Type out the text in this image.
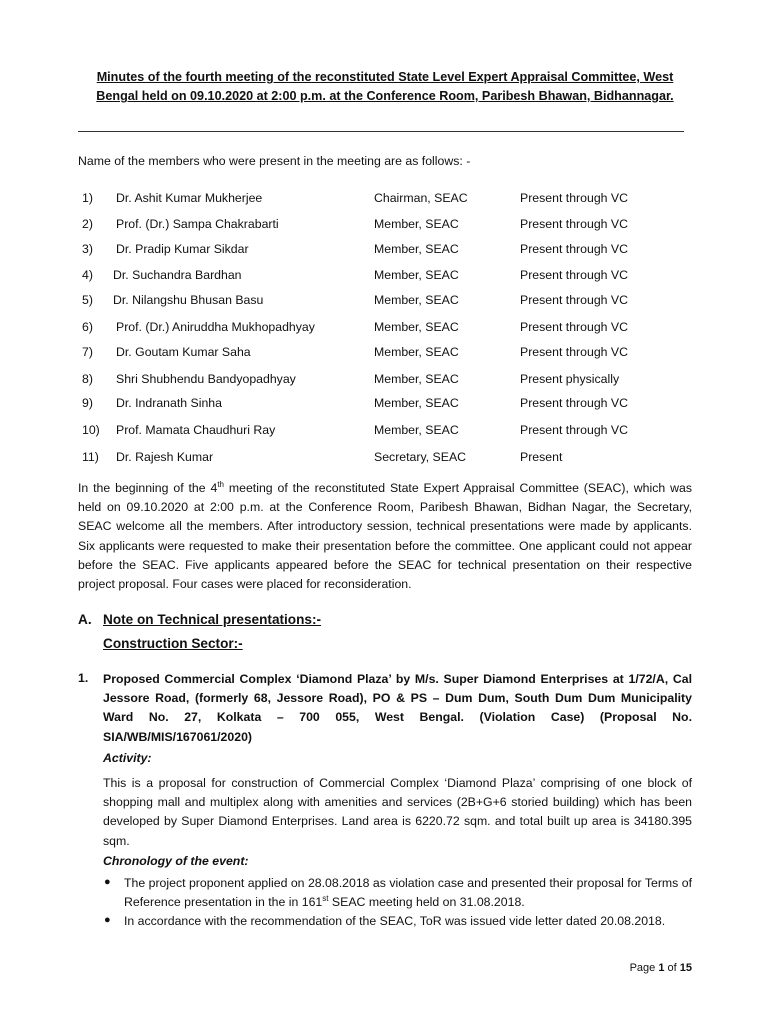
Minutes of the fourth meeting of the reconstituted State Level Expert Appraisal Committee, West Bengal held on 09.10.2020 at 2:00 p.m. at the Conference Room, Paribesh Bhawan, Bidhannagar.
Name of the members who were present in the meeting are as follows: -
1) Dr. Ashit Kumar Mukherjee	Chairman, SEAC	Present through VC
2) Prof. (Dr.) Sampa Chakrabarti	Member, SEAC	Present through VC
3) Dr. Pradip Kumar Sikdar	Member, SEAC	Present through VC
4) Dr. Suchandra Bardhan	Member, SEAC	Present through VC
5) Dr. Nilangshu Bhusan Basu	Member, SEAC	Present through VC
6) Prof. (Dr.) Aniruddha Mukhopadhyay	Member, SEAC	Present through VC
7) Dr. Goutam Kumar Saha	Member, SEAC	Present through VC
8) Shri Shubhendu Bandyopadhyay	Member, SEAC	Present physically
9) Dr. Indranath Sinha	Member, SEAC	Present through VC
10) Prof. Mamata Chaudhuri Ray	Member, SEAC	Present through VC
11) Dr. Rajesh Kumar	Secretary, SEAC	Present
In the beginning of the 4th meeting of the reconstituted State Expert Appraisal Committee (SEAC), which was held on 09.10.2020 at 2:00 p.m. at the Conference Room, Paribesh Bhawan, Bidhan Nagar, the Secretary, SEAC welcome all the members. After introductory session, technical presentations were made by applicants. Six applicants were requested to make their presentation before the committee. One applicant could not appear before the SEAC. Five applicants appeared before the SEAC for technical presentation on their respective project proposal. Four cases were placed for reconsideration.
A. Note on Technical presentations:-
Construction Sector:-
1. Proposed Commercial Complex ‘Diamond Plaza’ by M/s. Super Diamond Enterprises at 1/72/A, Cal Jessore Road, (formerly 68, Jessore Road), PO & PS – Dum Dum, South Dum Dum Municipality Ward No. 27, Kolkata – 700 055, West Bengal. (Violation Case) (Proposal No. SIA/WB/MIS/167061/2020)
Activity:
This is a proposal for construction of Commercial Complex ‘Diamond Plaza’ comprising of one block of shopping mall and multiplex along with amenities and services (2B+G+6 storied building) which has been developed by Super Diamond Enterprises. Land area is 6220.72 sqm. and total built up area is 34180.395 sqm.
Chronology of the event:
● The project proponent applied on 28.08.2018 as violation case and presented their proposal for Terms of Reference presentation in the in 161st SEAC meeting held on 31.08.2018.
● In accordance with the recommendation of the SEAC, ToR was issued vide letter dated 20.08.2018.
Page 1 of 15
